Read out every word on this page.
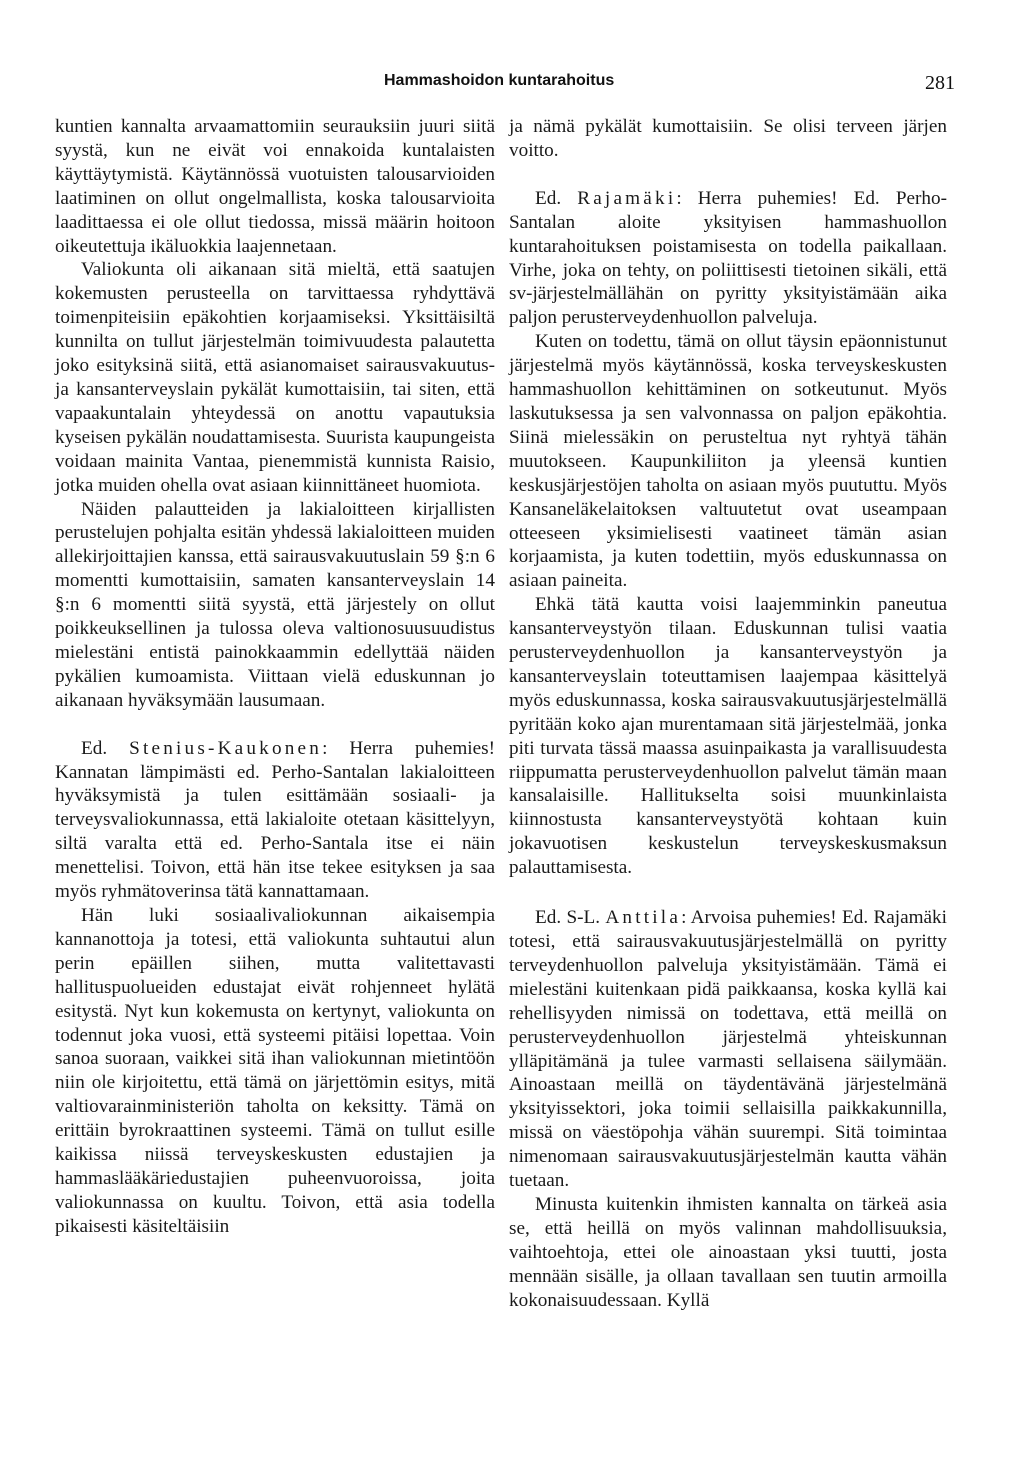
Hammashoidon kuntarahoitus	281

kuntien kannalta arvaamattomiin seurauksiin juuri siitä syystä, kun ne eivät voi ennakoida kuntalaisten käyttäytymistä. Käytännössä vuotuisten talousarvioiden laatiminen on ollut ongelmallista, koska talousarvioita laadittaessa ei ole ollut tiedossa, missä määrin hoitoon oikeutettuja ikäluokkia laajennetaan.

Valiokunta oli aikanaan sitä mieltä, että saatujen kokemusten perusteella on tarvittaessa ryhdyttävä toimenpiteisiin epäkohtien korjaamiseksi. Yksittäisiltä kunnilta on tullut järjestelmän toimivuudesta palautetta joko esityksinä siitä, että asianomaiset sairausvakuutus- ja kansanterveyslain pykälät kumottaisiin, tai siten, että vapaakuntalain yhteydessä on anottu vapautuksia kyseisen pykälän noudattamisesta. Suurista kaupungeista voidaan mainita Vantaa, pienemmistä kunnista Raisio, jotka muiden ohella ovat asiaan kiinnittäneet huomiota.

Näiden palautteiden ja lakialoitteen kirjallisten perustelujen pohjalta esitän yhdessä lakialoitteen muiden allekirjoittajien kanssa, että sairausvakuutuslain 59 §:n 6 momentti kumottaisiin, samaten kansanterveyslain 14 §:n 6 momentti siitä syystä, että järjestely on ollut poikkeuksellinen ja tulossa oleva valtionosuusuudistus mielestäni entistä painokkaammin edellyttää näiden pykälien kumoamista. Viittaan vielä eduskunnan jo aikanaan hyväksymään lausumaan.

Ed. Stenius-Kaukonen: Herra puhemies! Kannatan lämpimästi ed. Perho-Santalan lakialoitteen hyväksymistä ja tulen esittämään sosiaali- ja terveysvaliokunnassa, että lakialoite otetaan käsittelyyn, siltä varalta että ed. Perho-Santala itse ei näin menettelisi. Toivon, että hän itse tekee esityksen ja saa myös ryhmätoverinsa tätä kannattamaan.

Hän luki sosiaalivaliokunnan aikaisempia kannanottoja ja totesi, että valiokunta suhtautui alun perin epäillen siihen, mutta valitettavasti hallituspuolueiden edustajat eivät rohjenneet hylätä esitystä. Nyt kun kokemusta on kertynyt, valiokunta on todennut joka vuosi, että systeemi pitäisi lopettaa. Voin sanoa suoraan, vaikkei sitä ihan valiokunnan mietintöön niin ole kirjoitettu, että tämä on järjettömin esitys, mitä valtiovarainministeriön taholta on keksitty. Tämä on erittäin byrokraattinen systeemi. Tämä on tullut esille kaikissa niissä terveyskeskusten edustajien ja hammaslääkäriedustajien puheenvuoroissa, joita valiokunnassa on kuultu. Toivon, että asia todella pikaisesti käsiteltäisiin

ja nämä pykälät kumottaisiin. Se olisi terveen järjen voitto.

Ed. Rajamäki: Herra puhemies! Ed. Perho-Santalan aloite yksityisen hammashuollon kuntarahoituksen poistamisesta on todella paikallaan. Virhe, joka on tehty, on poliittisesti tietoinen sikäli, että sv-järjestelmällähän on pyritty yksityistämään aika paljon perusterveydenhuollon palveluja.

Kuten on todettu, tämä on ollut täysin epäonnistunut järjestelmä myös käytännössä, koska terveyskeskusten hammashuollon kehittäminen on sotkeutunut. Myös laskutuksessa ja sen valvonnassa on paljon epäkohtia. Siinä mielessäkin on perusteltua nyt ryhtyä tähän muutokseen. Kaupunkiliiton ja yleensä kuntien keskusjärjestöjen taholta on asiaan myös puututtu. Myös Kansaneläkelaitoksen valtuutetut ovat useampaan otteeseen yksimielisesti vaatineet tämän asian korjaamista, ja kuten todettiin, myös eduskunnassa on asiaan paineita.

Ehkä tätä kautta voisi laajemminkin paneutua kansanterveystyön tilaan. Eduskunnan tulisi vaatia perusterveydenhuollon ja kansanterveystyön ja kansanterveyslain toteuttamisen laajempaa käsittelyä myös eduskunnassa, koska sairausvakuutusjärjestelmällä pyritään koko ajan murentamaan sitä järjestelmää, jonka piti turvata tässä maassa asuinpaikasta ja varallisuudesta riippumatta perusterveydenhuollon palvelut tämän maan kansalaisille. Hallitukselta soisi muunkinlaista kiinnostusta kansanterveystyötä kohtaan kuin jokavuotisen keskustelun terveyskeskusmaksun palauttamisesta.

Ed. S-L. Anttila: Arvoisa puhemies! Ed. Rajamäki totesi, että sairausvakuutusjärjestelmällä on pyritty terveydenhuollon palveluja yksityistämään. Tämä ei mielestäni kuitenkaan pidä paikkaansa, koska kyllä kai rehellisyyden nimissä on todettava, että meillä on perusterveydenhuollon järjestelmä yhteiskunnan ylläpitämänä ja tulee varmasti sellaisena säilymään. Ainoastaan meillä on täydentävänä järjestelmänä yksityissektori, joka toimii sellaisilla paikkakunnilla, missä on väestöpohja vähän suurempi. Sitä toimintaa nimenomaan sairausvakuutusjärjestelmän kautta vähän tuetaan.

Minusta kuitenkin ihmisten kannalta on tärkeä asia se, että heillä on myös valinnan mahdollisuuksia, vaihtoehtoja, ettei ole ainoastaan yksi tuutti, josta mennään sisälle, ja ollaan tavallaan sen tuutin armoilla kokonaisuudessaan. Kyllä
